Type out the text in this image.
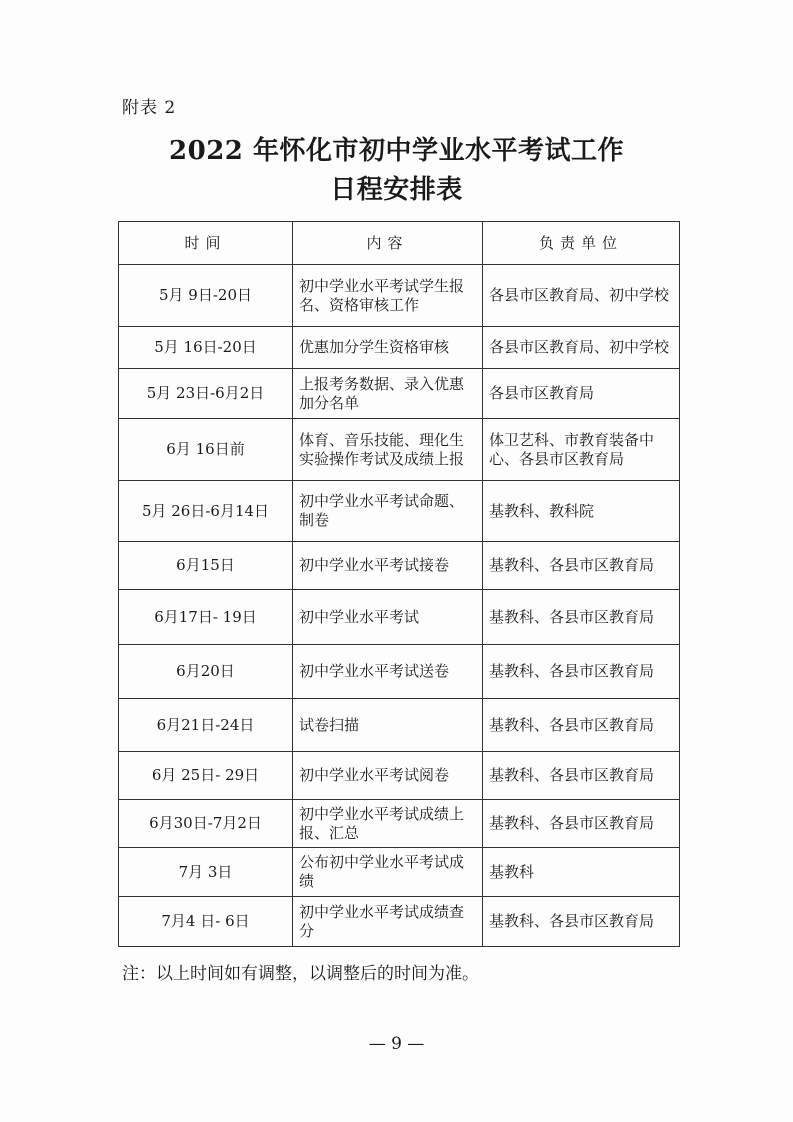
附表 2
2022 年怀化市初中学业水平考试工作
日程安排表
时间	内容	负责单位
5月 9日-20日	初中学业水平考试学生报名、资格审核工作	各县市区教育局、初中学校
5月 16日-20日	优惠加分学生资格审核	各县市区教育局、初中学校
5月 23日-6月2日	上报考务数据、录入优惠加分名单	各县市区教育局
6月 16日前	体育、音乐技能、理化生实验操作考试及成绩上报	体卫艺科、市教育装备中心、各县市区教育局
5月 26日-6月14日	初中学业水平考试命题、制卷	基教科、教科院
6月15日	初中学业水平考试接卷	基教科、各县市区教育局
6月17日- 19日	初中学业水平考试	基教科、各县市区教育局
6月20日	初中学业水平考试送卷	基教科、各县市区教育局
6月21日-24日	试卷扫描	基教科、各县市区教育局
6月 25日- 29日	初中学业水平考试阅卷	基教科、各县市区教育局
6月30日-7月2日	初中学业水平考试成绩上报、汇总	基教科、各县市区教育局
7月 3日	公布初中学业水平考试成绩	基教科
7月4 日- 6日	初中学业水平考试成绩查分	基教科、各县市区教育局
注：以上时间如有调整，以调整后的时间为准。
— 9 —
